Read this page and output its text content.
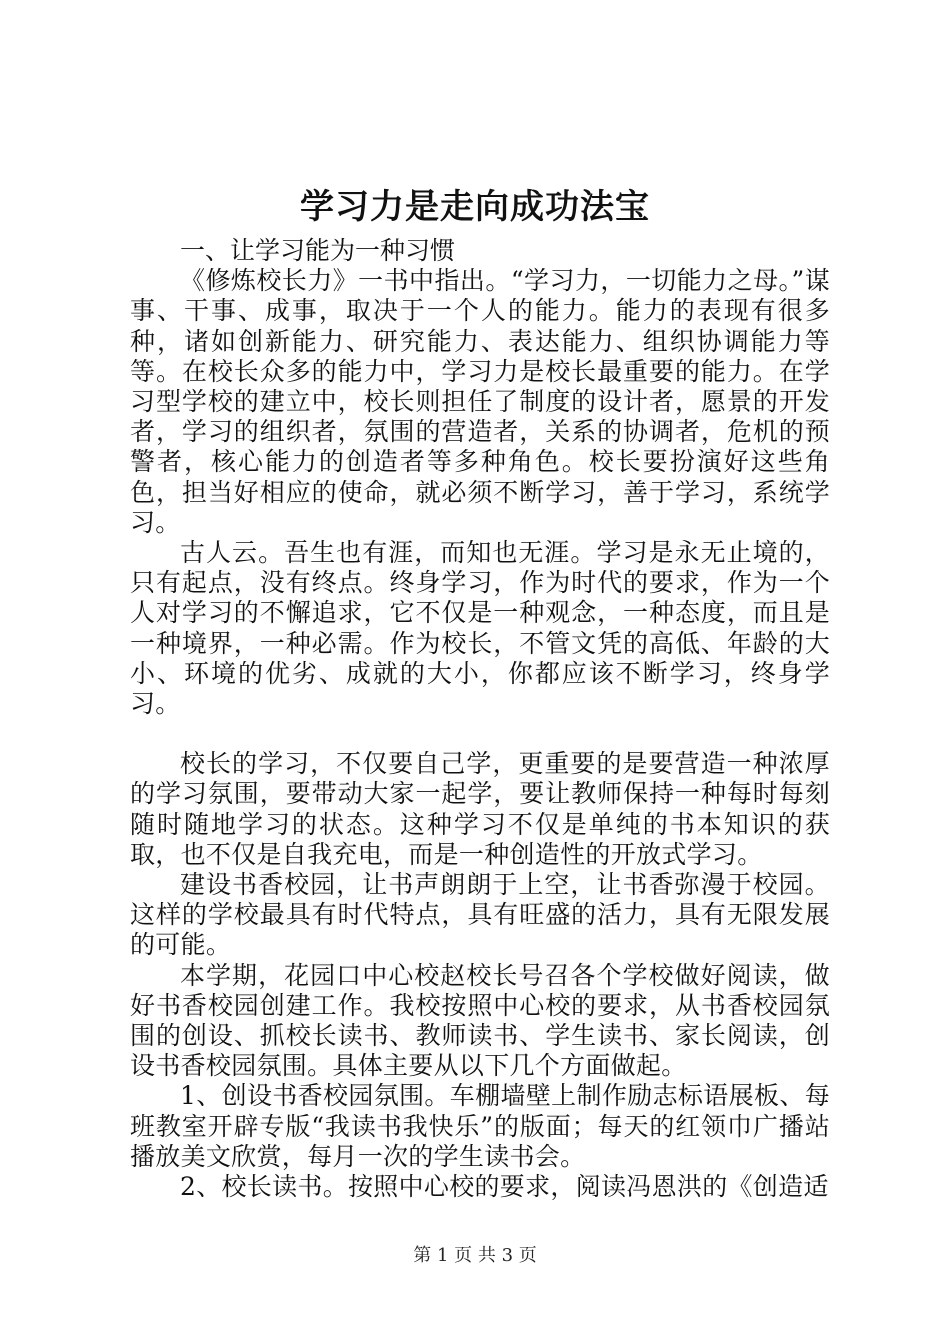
学习力是走向成功法宝

一、让学习能为一种习惯

《修炼校长力》一书中指出。“学习力，一切能力之母。”谋事、干事、成事，取决于一个人的能力。能力的表现有很多种，诸如创新能力、研究能力、表达能力、组织协调能力等等。在校长众多的能力中，学习力是校长最重要的能力。在学习型学校的建立中，校长则担任了制度的设计者，愿景的开发者，学习的组织者，氛围的营造者，关系的协调者，危机的预警者，核心能力的创造者等多种角色。校长要扮演好这些角色，担当好相应的使命，就必须不断学习，善于学习，系统学习。

古人云。吾生也有涯，而知也无涯。学习是永无止境的，只有起点，没有终点。终身学习，作为时代的要求，作为一个人对学习的不懈追求，它不仅是一种观念，一种态度，而且是一种境界，一种必需。作为校长，不管文凭的高低、年龄的大小、环境的优劣、成就的大小，你都应该不断学习，终身学习。

校长的学习，不仅要自己学，更重要的是要营造一种浓厚的学习氛围，要带动大家一起学，要让教师保持一种每时每刻随时随地学习的状态。这种学习不仅是单纯的书本知识的获取，也不仅是自我充电，而是一种创造性的开放式学习。

建设书香校园，让书声朗朗于上空，让书香弥漫于校园。这样的学校最具有时代特点，具有旺盛的活力，具有无限发展的可能。

本学期，花园口中心校赵校长号召各个学校做好阅读，做好书香校园创建工作。我校按照中心校的要求，从书香校园氛围的创设、抓校长读书、教师读书、学生读书、家长阅读，创设书香校园氛围。具体主要从以下几个方面做起。

1、创设书香校园氛围。车棚墙壁上制作励志标语展板、每班教室开辟专版“我读书我快乐”的版面；每天的红领巾广播站播放美文欣赏，每月一次的学生读书会。

2、校长读书。按照中心校的要求，阅读冯恩洪的《创造适

第 1 页 共 3 页
